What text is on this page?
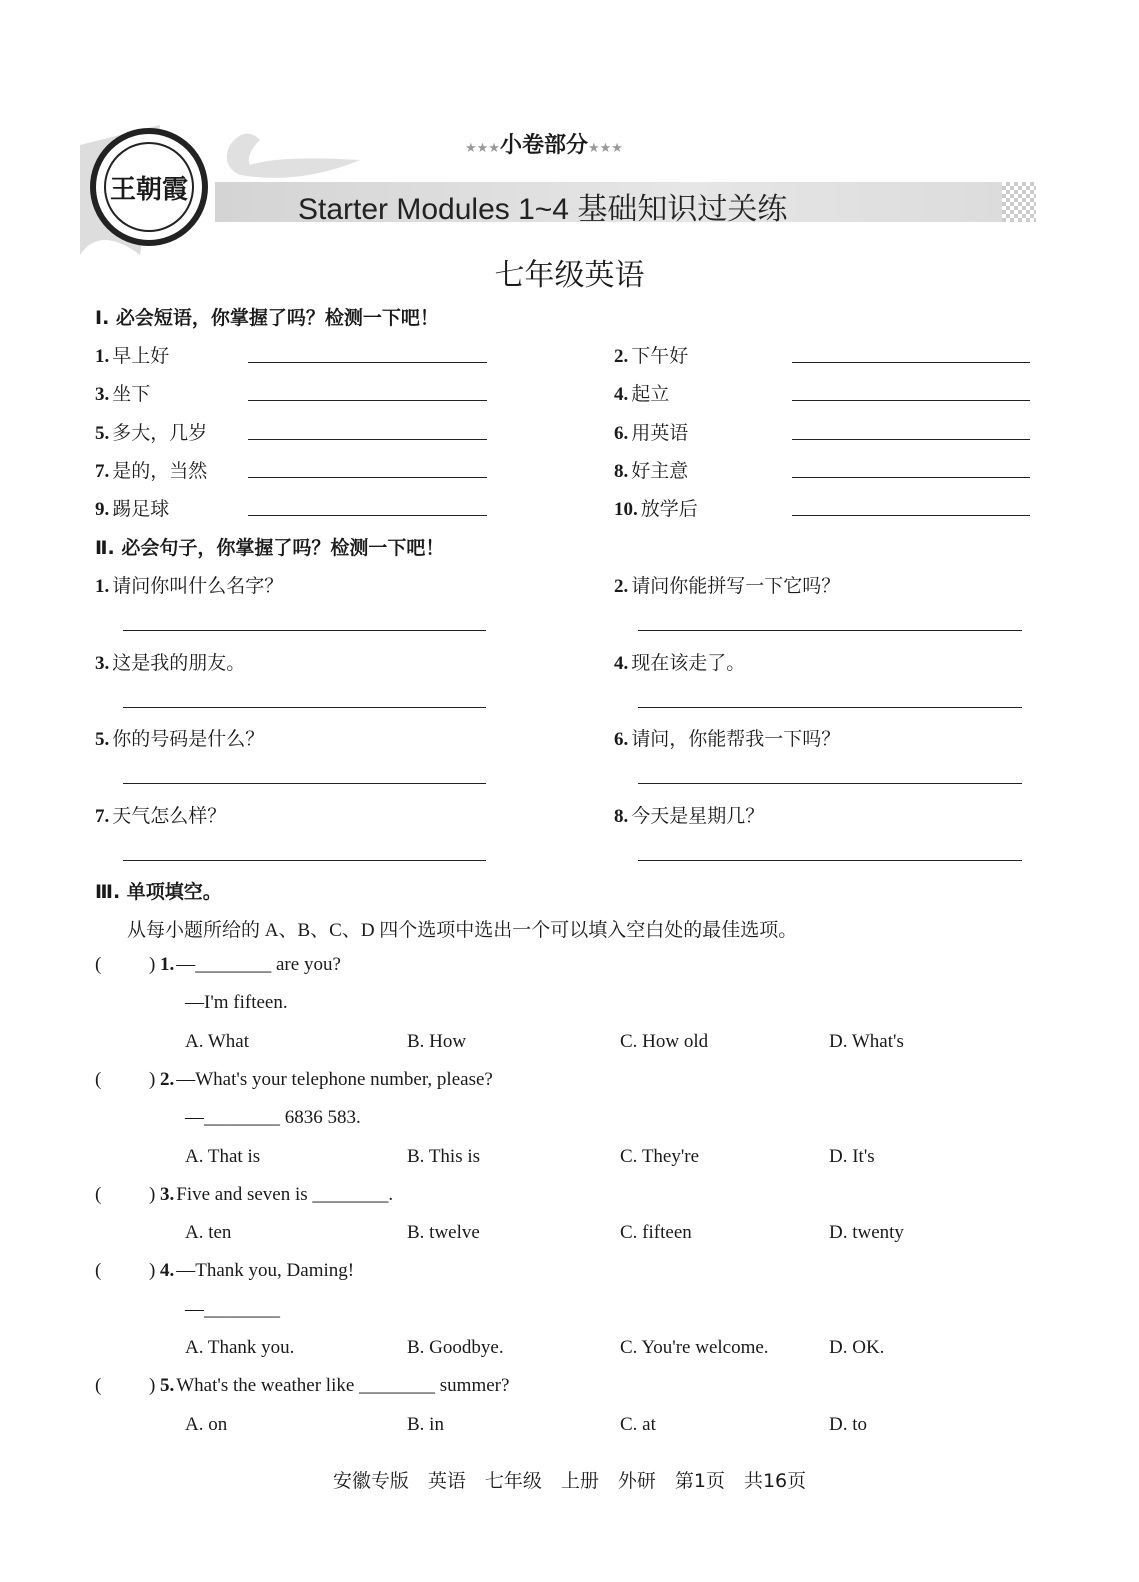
王朝霞
★★★小卷部分★★★
Starter Modules 1~4 基础知识过关练
七年级英语
Ⅰ. 必会短语，你掌握了吗？检测一下吧！
1. 早上好	2. 下午好
3. 坐下	4. 起立
5. 多大，几岁	6. 用英语
7. 是的，当然	8. 好主意
9. 踢足球	10. 放学后
Ⅱ. 必会句子，你掌握了吗？检测一下吧！
1. 请问你叫什么名字？	2. 请问你能拼写一下它吗？
3. 这是我的朋友。	4. 现在该走了。
5. 你的号码是什么？	6. 请问，你能帮我一下吗？
7. 天气怎么样？	8. 今天是星期几？
Ⅲ. 单项填空。
从每小题所给的 A、B、C、D 四个选项中选出一个可以填入空白处的最佳选项。
(	) 1. —________ are you?
—I'm fifteen.
A. What	B. How	C. How old	D. What's
(	) 2. —What's your telephone number, please?
—________ 6836 583.
A. That is	B. This is	C. They're	D. It's
(	) 3. Five and seven is ________.
A. ten	B. twelve	C. fifteen	D. twenty
(	) 4. —Thank you, Daming!
—________
A. Thank you.	B. Goodbye.	C. You're welcome.	D. OK.
(	) 5. What's the weather like ________ summer?
A. on	B. in	C. at	D. to
安徽专版　英语　七年级　上册　外研　第1页　共16页
